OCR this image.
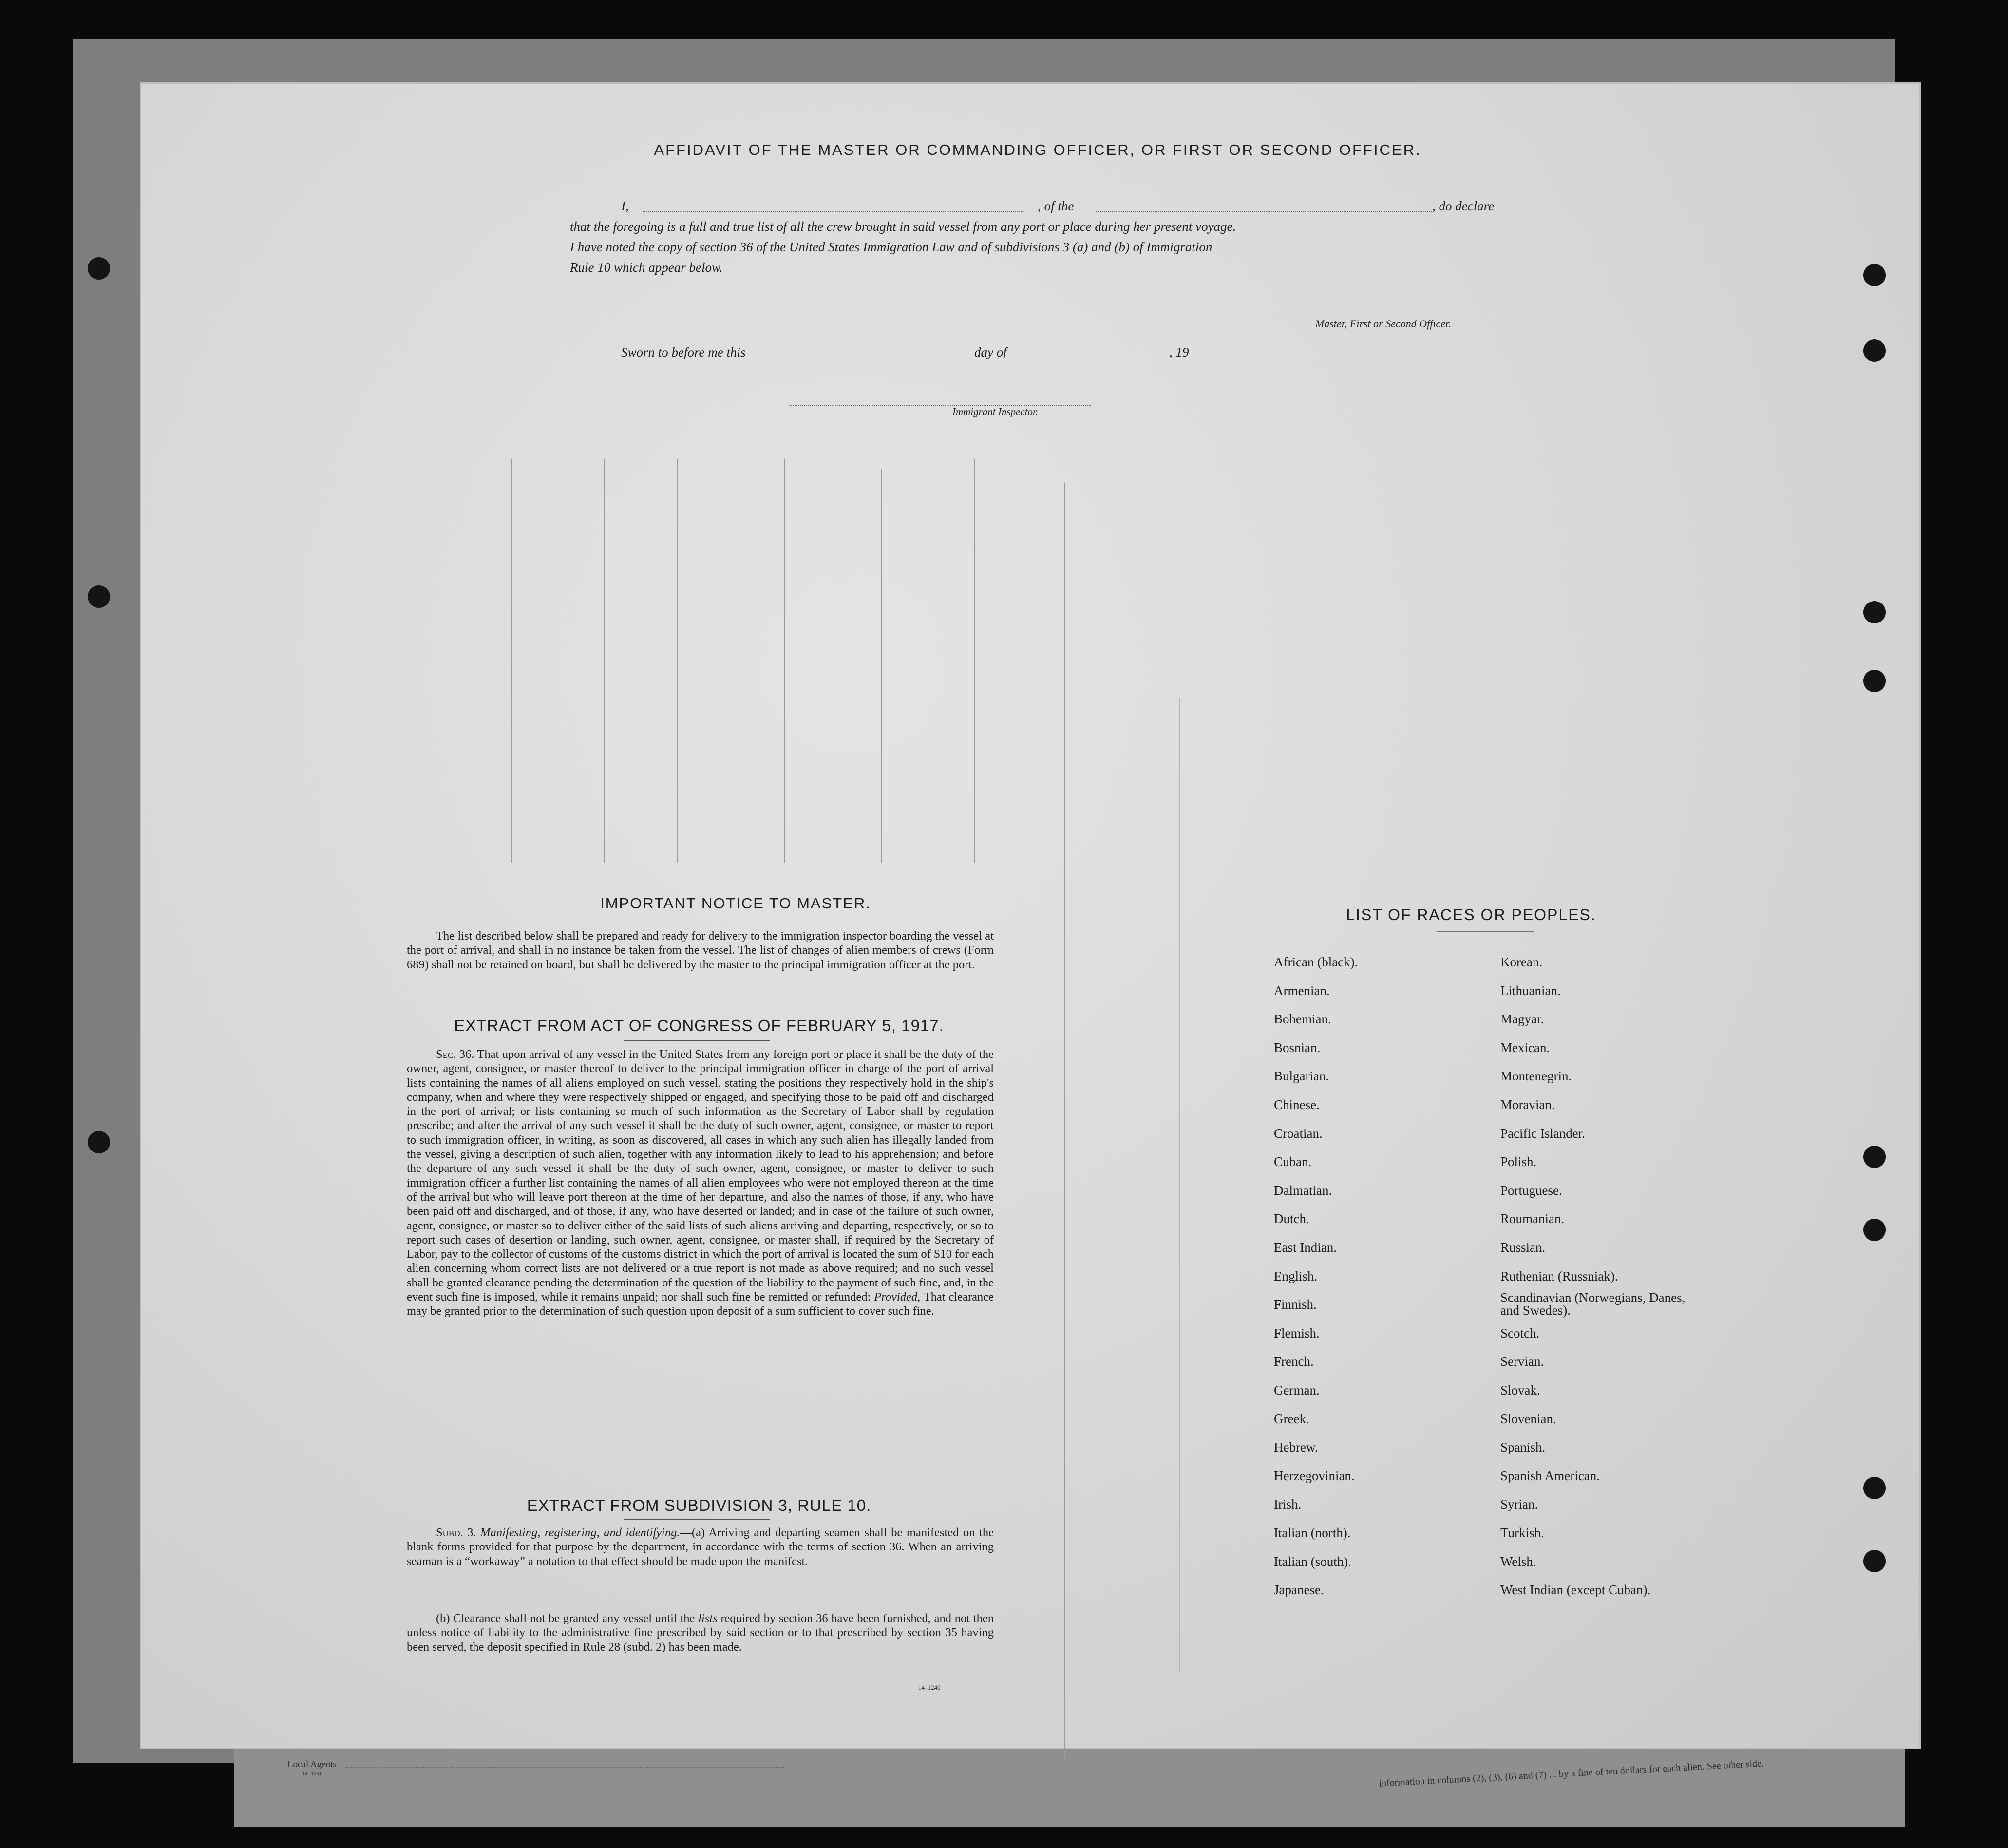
Local Agents
14–1240	information in columns (2), (3), (6) and (7) ... by a fine of ten dollars for each alien. See other side.
AFFIDAVIT OF THE MASTER OR COMMANDING OFFICER, OR FIRST OR SECOND OFFICER.
I,	, of the	, do declare
that the foregoing is a full and true list of all the crew brought in said vessel from any port or place during her present voyage.
I have noted the copy of section 36 of the United States Immigration Law and of subdivisions 3 (a) and (b) of Immigration
Rule 10 which appear below.
Master, First or Second Officer.
Sworn to before me this	day of	, 19
Immigrant Inspector.
IMPORTANT NOTICE TO MASTER.
The list described below shall be prepared and ready for delivery to the immigration inspector boarding the vessel at the port of arrival, and shall in no instance be taken from the vessel. The list of changes of alien members of crews (Form 689) shall not be retained on board, but shall be delivered by the master to the principal immigration officer at the port.
EXTRACT FROM ACT OF CONGRESS OF FEBRUARY 5, 1917.
Sec. 36. That upon arrival of any vessel in the United States from any foreign port or place it shall be the duty of the owner, agent, consignee, or master thereof to deliver to the principal immigration officer in charge of the port of arrival lists containing the names of all aliens employed on such vessel, stating the positions they respectively hold in the ship's company, when and where they were respectively shipped or engaged, and specifying those to be paid off and discharged in the port of arrival; or lists containing so much of such information as the Secretary of Labor shall by regulation prescribe; and after the arrival of any such vessel it shall be the duty of such owner, agent, consignee, or master to report to such immigration officer, in writing, as soon as discovered, all cases in which any such alien has illegally landed from the vessel, giving a description of such alien, together with any information likely to lead to his apprehension; and before the departure of any such vessel it shall be the duty of such owner, agent, consignee, or master to deliver to such immigration officer a further list containing the names of all alien employees who were not employed thereon at the time of the arrival but who will leave port thereon at the time of her departure, and also the names of those, if any, who have been paid off and discharged, and of those, if any, who have deserted or landed; and in case of the failure of such owner, agent, consignee, or master so to deliver either of the said lists of such aliens arriving and departing, respectively, or so to report such cases of desertion or landing, such owner, agent, consignee, or master shall, if required by the Secretary of Labor, pay to the collector of customs of the customs district in which the port of arrival is located the sum of $10 for each alien concerning whom correct lists are not delivered or a true report is not made as above required; and no such vessel shall be granted clearance pending the determination of the question of the liability to the payment of such fine, and, in the event such fine is imposed, while it remains unpaid; nor shall such fine be remitted or refunded: Provided, That clearance may be granted prior to the determination of such question upon deposit of a sum sufficient to cover such fine.
EXTRACT FROM SUBDIVISION 3, RULE 10.
Subd. 3. Manifesting, registering, and identifying.—(a) Arriving and departing seamen shall be manifested on the blank forms provided for that purpose by the department, in accordance with the terms of section 36. When an arriving seaman is a “workaway” a notation to that effect should be made upon the manifest.
(b) Clearance shall not be granted any vessel until the lists required by section 36 have been furnished, and not then unless notice of liability to the administrative fine prescribed by said section or to that prescribed by section 35 having been served, the deposit specified in Rule 28 (subd. 2) has been made.
14–1240
LIST OF RACES OR PEOPLES.
African (black).
Armenian.
Bohemian.
Bosnian.
Bulgarian.
Chinese.
Croatian.
Cuban.
Dalmatian.
Dutch.
East Indian.
English.
Finnish.
Flemish.
French.
German.
Greek.
Hebrew.
Herzegovinian.
Irish.
Italian (north).
Italian (south).
Japanese.
Korean.
Lithuanian.
Magyar.
Mexican.
Montenegrin.
Moravian.
Pacific Islander.
Polish.
Portuguese.
Roumanian.
Russian.
Ruthenian (Russniak).
Scandinavian (Norwegians, Danes, and Swedes).
Scotch.
Servian.
Slovak.
Slovenian.
Spanish.
Spanish American.
Syrian.
Turkish.
Welsh.
West Indian (except Cuban).
